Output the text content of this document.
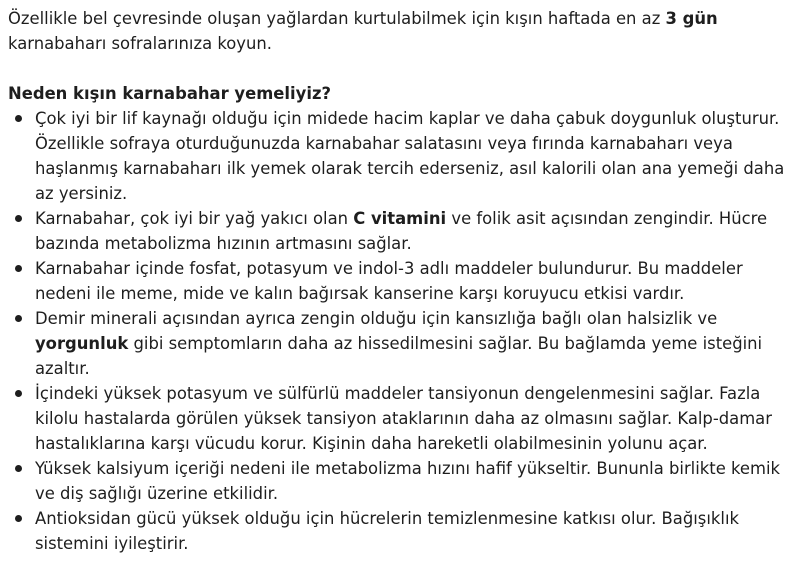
Özellikle bel çevresinde oluşan yağlardan kurtulabilmek için kışın haftada en az 3 gün
karnabaharı sofralarınıza koyun.

Neden kışın karnabahar yemeliyiz?

Çok iyi bir lif kaynağı olduğu için midede hacim kaplar ve daha çabuk doygunluk oluşturur. Özellikle sofraya oturduğunuzda karnabahar salatasını veya fırında karnabaharı veya haşlanmış karnabaharı ilk yemek olarak tercih ederseniz, asıl kalorili olan ana yemeği daha az yersiniz.
Karnabahar, çok iyi bir yağ yakıcı olan C vitamini ve folik asit açısından zengindir. Hücre bazında metabolizma hızının artmasını sağlar.
Karnabahar içinde fosfat, potasyum ve indol-3 adlı maddeler bulundurur. Bu maddeler nedeni ile meme, mide ve kalın bağırsak kanserine karşı koruyucu etkisi vardır.
Demir minerali açısından ayrıca zengin olduğu için kansızlığa bağlı olan halsizlik ve yorgunluk gibi semptomların daha az hissedilmesini sağlar. Bu bağlamda yeme isteğini azaltır.
İçindeki yüksek potasyum ve sülfürlü maddeler tansiyonun dengelenmesini sağlar. Fazla kilolu hastalarda görülen yüksek tansiyon ataklarının daha az olmasını sağlar. Kalp-damar hastalıklarına karşı vücudu korur. Kişinin daha hareketli olabilmesinin yolunu açar.
Yüksek kalsiyum içeriği nedeni ile metabolizma hızını hafif yükseltir. Bununla birlikte kemik ve diş sağlığı üzerine etkilidir.
Antioksidan gücü yüksek olduğu için hücrelerin temizlenmesine katkısı olur. Bağışıklık sistemini iyileştirir.
